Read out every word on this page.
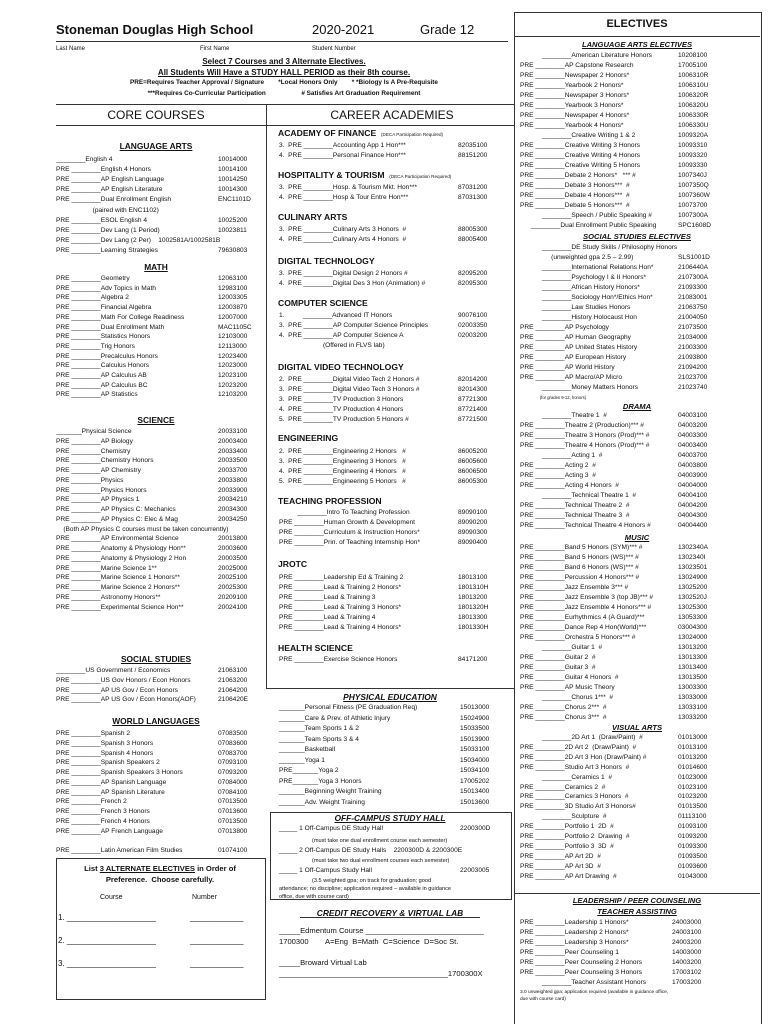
Stoneman Douglas High School	2020-2021	Grade 12
Last Name	First Name	Student Number
Select 7 Courses and 3 Alternate Electives.
All Students Will Have a STUDY HALL PERIOD as their 8th course.
PRE=Requires Teacher Approval / Signature        *Local Honors Only        * *Biology Is A Pre-Requisite
***Requires Co-Curricular Participation                    # Satisfies Art Graduation Requirement
CORE COURSES	CAREER ACADEMIES
LANGUAGE ARTS
________English 4	10014000
PRE ________English 4 Honors	10014100
PRE ________AP English Language	10014250
PRE ________AP English Literature	10014300
PRE ________Dual Enrollment English	ENC1101D
(paired with ENC1102)
PRE ________ESOL English 4	10025200
PRE ________Dev Lang (1 Period)	10023811
PRE ________Dev Lang (2 Per)    1002581A/1002581B
PRE ________Learning Strategies	79630803
MATH
PRE ________Geometry	12063100
PRE ________Adv Topics in Math	12983100
PRE ________Algebra 2	12003305
PRE ________Financial Algebra	12003870
PRE ________Math For College Readiness	12007000
PRE ________Dual Enrollment Math	MAC1105C
PRE ________Statistics Honors	12103000
PRE ________Trig Honors	12113000
PRE ________Precalculus Honors	12023400
PRE ________Calculus Honors	12023000
PRE ________AP Calculus AB	12023100
PRE ________AP Calculus BC	12023200
PRE ________AP Statistics	12103200
SCIENCE
_______Physical Science	20033100
PRE ________AP Biology	20003400
PRE ________Chemistry	20033400
PRE ________Chemistry Honors	20033500
PRE ________AP Chemistry	20033700
PRE ________Physics	20033800
PRE ________Physics Honors	20033900
PRE ________AP Physics 1	20034210
PRE ________AP Physics C: Mechanics	20034300
PRE ________AP Physics C: Elec & Mag	20034250
(Both AP Physics C courses must be taken concurrently)
PRE ________AP Environmental Science	20013800
PRE ________Anatomy & Physiology Hon**	20003600
PRE ________Anatomy & Physiology 2 Hon	20003500
PRE ________Marine Science 1**	20025000
PRE ________Marine Science 1 Honors**	20025100
PRE ________Marine Science 2 Honors**	20025300
PRE ________Astronomy Honors**	20209100
PRE ________Experimental Science Hon**	20024100
SOCIAL STUDIES
________US Government / Economics	21063100
PRE ________US Gov Honors / Econ Honors	21063200
PRE ________AP US Gov / Econ Honors	21064200
PRE ________AP US Gov / Econ Honors(AOF)	2106420E
WORLD LANGUAGES
PRE ________Spanish 2	07083500
PRE ________Spanish 3 Honors	07083600
PRE ________Spanish 4 Honors	07083700
PRE ________Spanish Speakers 2	07093100
PRE ________Spanish Speakers 3 Honors	07093200
PRE ________AP Spanish Language	07084000
PRE ________AP Spanish Literature	07084100
PRE ________French 2	07013500
PRE ________French 3 Honors	07013600
PRE ________French 4 Honors	07013500
PRE ________AP French Language	07013800
PRE ________Latin American Film Studies	01074100
ACADEMY OF FINANCE (DECA Participation Required)
3.  PRE ________Accounting App 1 Hon***	82035100
4.  PRE ________Personal Finance Hon***	88151200
HOSPITALITY & TOURISM (DECA Participation Required)
3.  PRE ________Hosp. & Tourism Mkt. Hon***	87031200
4.  PRE ________Hosp & Tour Entre Hon***	87031300
CULINARY ARTS
3.  PRE ________Culinary Arts 3 Honors  #	88005300
4.  PRE ________Culinary Arts 4 Honors  #	88005400
DIGITAL TECHNOLOGY
3.  PRE ________Digital Design 2 Honors #	82095200
4.  PRE ________Digital Des 3 Hon (Animation) #	82095300
COMPUTER SCIENCE
1.          ________Advanced IT Honors	90076100
3.  PRE ________AP Computer Science Principles	02003350
4.  PRE ________AP Computer Science A	02003200
(Offered in FLVS lab)
DIGITAL VIDEO TECHNOLOGY
2.  PRE ________Digital Video Tech 2 Honors #	82014200
3.  PRE ________Digital Video Tech 3 Honors #	82014300
3.  PRE ________TV Production 3 Honors	87721300
4.  PRE ________TV Production 4 Honors	87721400
5.  PRE ________TV Production 5 Honors #	87721500
ENGINEERING
2.  PRE ________Engineering 2 Honors   #	86005200
3.  PRE ________Engineering 3 Honors   #	86005600
4.  PRE ________Engineering 4 Honors   #	86006500
5.  PRE ________Engineering 5 Honors   #	86005300
TEACHING PROFESSION
________Intro To Teaching Profession	89090100
PRE ________Human Growth & Development	89090200
PRE ________Curriculum & Instruction Honors*	89090300
PRE ________Prin. of Teaching Internship Hon*	89090400
JROTC
PRE ________Leadership Ed & Training 2	18013100
PRE ________Lead & Training 2 Honors*	1801310H
PRE ________Lead & Training 3	18013200
PRE ________Lead & Training 3 Honors*	1801320H
PRE ________Lead & Training 4	18013300
PRE ________Lead & Training 4 Honors*	1801330H
HEALTH SCIENCE
PRE ________Exercise Science Honors	84171200
PHYSICAL EDUCATION
_______Personal Fitness (PE Graduation Req)	15013000
_______Care & Prev. of Athletic Injury	15024900
_______Team Sports 1 & 2	15033500
_______Team Sports 3 & 4	15013900
_______Basketball	15033100
_______Yoga 1	15034000
PRE_______Yoga 2	15034100
PRE_______Yoga 3 Honors	17005202
_______Beginning Weight Training	15013400
_______Adv. Weight Training	15013600
OFF-CAMPUS STUDY HALL
_____ 1 Off-Campus DE Study Hall	2200300D
(must take one dual enrollment course each semester)
_____ 2 Off-Campus DE Study Halls    2200300D & 2200300E
(must take two dual enrollment courses each semester)
_____ 1 Off-Campus Study Hall	22003005
(3.5 weighted gpa; on track for graduation; good
attendance; no discipline; application required – available in guidance
office, due with course card)
CREDIT RECOVERY & VIRTUAL LAB
_____Edmentum Course ____________________________
1700300        A=Eng  B=Math  C=Science  D=Soc St.
_____Broward Virtual Lab
________________________________________1700300X
List 3 ALTERNATE ELECTIVES in Order of
Preference.  Choose carefully.
Course	Number
1. ____________________	____________
2. ____________________	____________
3. ____________________	____________
ELECTIVES
LANGUAGE ARTS ELECTIVES
________American Literature Honors	10208100
PRE ________AP Capstone Research	17005100
PRE ________Newspaper 2 Honors*	1006310R
PRE ________Yearbook 2 Honors*	1006310U
PRE ________Newspaper 3 Honors*	1006320R
PRE ________Yearbook 3 Honors*	1006320U
PRE ________Newspaper 4 Honors*	1006330R
PRE ________Yearbook 4 Honors*	1006330U
________Creative Writing 1 & 2	1009320A
PRE ________Creative Writing 3 Honors	10093310
PRE ________Creative Writing 4 Honors	10093320
PRE ________Creative Writing 5 Honors	10093330
PRE ________Debate 2 Honors*   *** #	1007340J
PRE ________Debate 3 Honors***  #	1007350Q
PRE ________Debate 4 Honors***  #	1007360W
PRE ________Debate 5 Honors***  #	10073700
________Speech / Public Speaking #	1007300A
________Dual Enrollment Public Speaking	SPC1608D
SOCIAL STUDIES ELECTIVES
________DE Study Skills / Philosophy Honors
(unweighted gpa 2.5 – 2.99)	SLS1001D
________International Relations Hon*	2106440A
________Psychology I & II Honors*	2107300A
________African History Honors*	21093300
________Sociology Hon*/Ethics Hon*	21083001
________Law Studies Honors	21063750
________History Holocaust Hon	21004050
PRE ________AP Psychology	21073500
PRE ________AP Human Geography	21034000
PRE ________AP United States History	21003300
PRE ________AP European History	21093800
PRE ________AP World History	21094200
PRE ________AP Macro/AP Micro	21023700
________Money Matters Honors	21023740
(for grades 9-12, honors)
DRAMA
________Theatre 1  #	04003100
PRE ________Theatre 2 (Production)*** #	04003200
PRE ________Theatre 3 Honors (Prod)*** #	04003300
PRE ________Theatre 4 Honors (Prod)*** #	04003400
________Acting 1  #	04003700
PRE ________Acting 2  #	04003800
PRE ________Acting 3  #	04003900
PRE ________Acting 4 Honors  #	04004000
________Technical Theatre 1  #	04004100
PRE ________Technical Theatre 2  #	04004200
PRE ________Technical Theatre 3  #	04004300
PRE ________Technical Theatre 4 Honors #	04004400
MUSIC
PRE ________Band 5 Honors (SYM)*** #	1302340A
PRE ________Band 5 Honors (WS)*** #	1302340I
PRE ________Band 6 Honors (WS)*** #	13023501
PRE ________Percussion 4 Honors*** #	13024900
PRE ________Jazz Ensemble 3*** #	13025200
PRE ________Jazz Ensemble 3 (top JB)*** #	1302520J
PRE ________Jazz Ensemble 4 Honors*** #	13025300
PRE ________Eurhythmics 4 (A Guard)***	13053300
PRE ________Dance Rep 4 Hon(World)***	03004300
PRE ________Orchestra 5 Honors*** #	13024000
________Guitar 1  #	13013200
PRE ________Guitar 2  #	13013300
PRE ________Guitar 3  #	13013400
PRE ________Guitar 4 Honors  #	13013500
PRE ________AP Music Theory	13003300
________Chorus 1***  #	13033000
PRE ________Chorus 2***  #	13033100
PRE ________Chorus 3***  #	13033200
VISUAL ARTS
________2D Art 1  (Draw/Paint)  #	01013000
PRE ________2D Art 2  (Draw/Paint)  #	01013100
PRE ________2D Art 3 Hon (Draw/Paint) #	01013200
PRE ________Studio Art 3 Honors  #	01014600
________Ceramics 1  #	01023000
PRE ________Ceramics 2  #	01023100
PRE ________Ceramics 3 Honors  #	01023200
PRE ________3D Studio Art 3 Honors#	01013500
________Sculpture  #	01113100
PRE ________Portfolio 1  2D  #	01093100
PRE ________Portfolio 2  Drawing  #	01093200
PRE ________Portfolio 3  3D  #	01093300
PRE ________AP Art 2D  #	01093500
PRE ________AP Art 3D  #	01093600
PRE ________AP Art Drawing  #	01043000
LEADERSHIP / PEER COUNSELING
TEACHER ASSISTING
PRE ________Leadership 1 Honors*	24003000
PRE ________Leadership 2 Honors*	24003100
PRE ________Leadership 3 Honors*	24003200
PRE ________Peer Counseling 1	14003000
PRE ________Peer Counseling 2 Honors	14003200
PRE ________Peer Counseling 3 Honors	17003102
________Teacher Assistant Honors	17003200
3.0 unweighted gpa; application required (available in guidance office,
due with course card)
